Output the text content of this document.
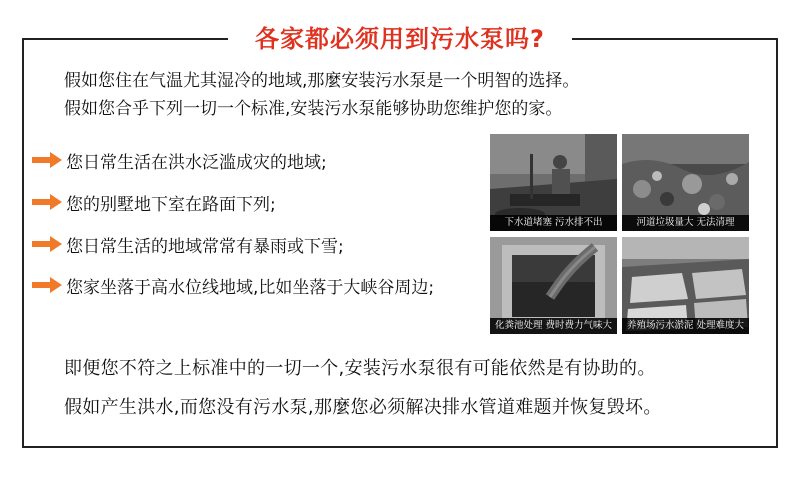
各家都必须用到污水泵吗?
假如您住在气温尤其湿冷的地域,那麼安装污水泵是一个明智的选择。
假如您合乎下列一切一个标准,安装污水泵能够协助您维护您的家。
您日常生活在洪水泛滥成灾的地域;
您的别墅地下室在路面下列;
您日常生活的地域常常有暴雨或下雪;
您家坐落于高水位线地域,比如坐落于大峡谷周边;
下水道堵塞 污水排不出	河道垃圾量大 无法清理
化粪池处理 费时费力气味大	养殖场污水淤泥 处理难度大
即便您不符之上标准中的一切一个,安装污水泵很有可能依然是有协助的。
假如产生洪水,而您没有污水泵,那麼您必须解决排水管道难题并恢复毁坏。
